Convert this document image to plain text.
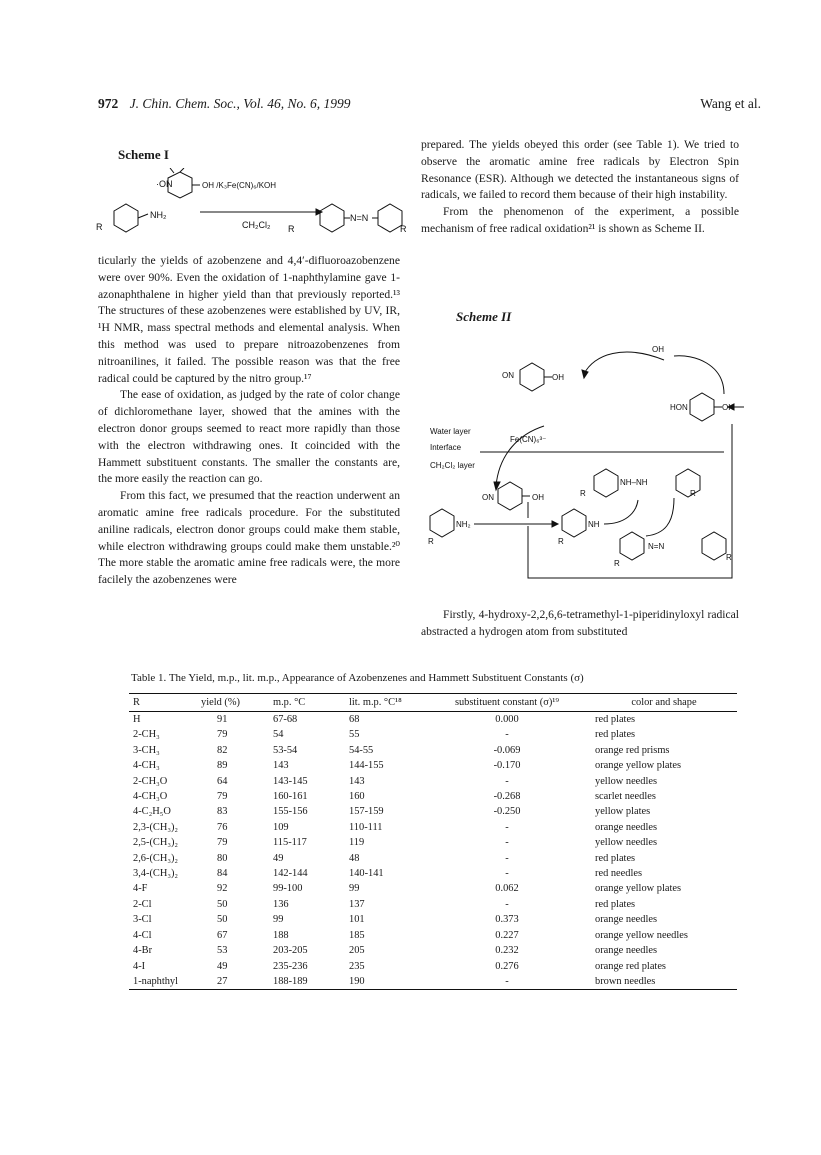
972 J. Chin. Chem. Soc., Vol. 46, No. 6, 1999	Wang et al.
Scheme I
NH₂
R
·ON	OH /K₃Fe(CN)₆/KOH
CH₂Cl₂ R
N=N
R

ticularly the yields of azobenzene and 4,4′-difluoroazobenzene were over 90%. Even the oxidation of 1-naphthylamine gave 1-azonaphthalene in higher yield than that previously reported.¹³ The structures of these azobenzenes were established by UV, IR, ¹H NMR, mass spectral methods and elemental analysis. When this method was used to prepare nitroazobenzenes from nitroanilines, it failed. The possible reason was that the free radical could be captured by the nitro group.¹⁷

The ease of oxidation, as judged by the rate of color change of dichloromethane layer, showed that the amines with the electron donor groups seemed to react more rapidly than those with the electron withdrawing ones. It coincided with the Hammett substituent constants. The smaller the constants are, the more easily the reaction can go.

From this fact, we presumed that the reaction underwent an aromatic amine free radicals procedure. For the substituted aniline radicals, electron donor groups could make them stable, while electron withdrawing groups could make them unstable.²⁰ The more stable the aromatic amine free radicals were, the more facilely the azobenzenes were

prepared. The yields obeyed this order (see Table 1). We tried to observe the aromatic amine free radicals by Electron Spin Resonance (ESR). Although we detected the instantaneous signs of radicals, we failed to record them because of their high instability.

From the phenomenon of the experiment, a possible mechanism of free radical oxidation²¹ is shown as Scheme II.

Scheme II
OH
ON	OH
HON	OH
Water layer
Interface
CH₂Cl₂ layer
Fe(CN)₆³⁻
NH–NH
R	R
ON	OH
NH₂
R
NH
R
N=N
R
R

Firstly, 4-hydroxy-2,2,6,6-tetramethyl-1-piperidinyloxyl radical abstracted a hydrogen atom from substituted

Table 1. The Yield, m.p., lit. m.p., Appearance of Azobenzenes and Hammett Substituent Constants (σ)
R	yield (%)	m.p. °C	lit. m.p. °C¹⁸	substituent constant (σ)¹⁹	color and shape
H	91	67-68	68	0.000	red plates
2-CH₃	79	54	55	-	red plates
3-CH₃	82	53-54	54-55	-0.069	orange red prisms
4-CH₃	89	143	144-155	-0.170	orange yellow plates
2-CH₃O	64	143-145	143	-	yellow needles
4-CH₃O	79	160-161	160	-0.268	scarlet needles
4-C₂H₅O	83	155-156	157-159	-0.250	yellow plates
2,3-(CH₃)₂	76	109	110-111	-	orange needles
2,5-(CH₃)₂	79	115-117	119	-	yellow needles
2,6-(CH₃)₂	80	49	48	-	red plates
3,4-(CH₃)₂	84	142-144	140-141	-	red needles
4-F	92	99-100	99	0.062	orange yellow plates
2-Cl	50	136	137	-	red plates
3-Cl	50	99	101	0.373	orange needles
4-Cl	67	188	185	0.227	orange yellow needles
4-Br	53	203-205	205	0.232	orange needles
4-I	49	235-236	235	0.276	orange red plates
1-naphthyl	27	188-189	190	-	brown needles
